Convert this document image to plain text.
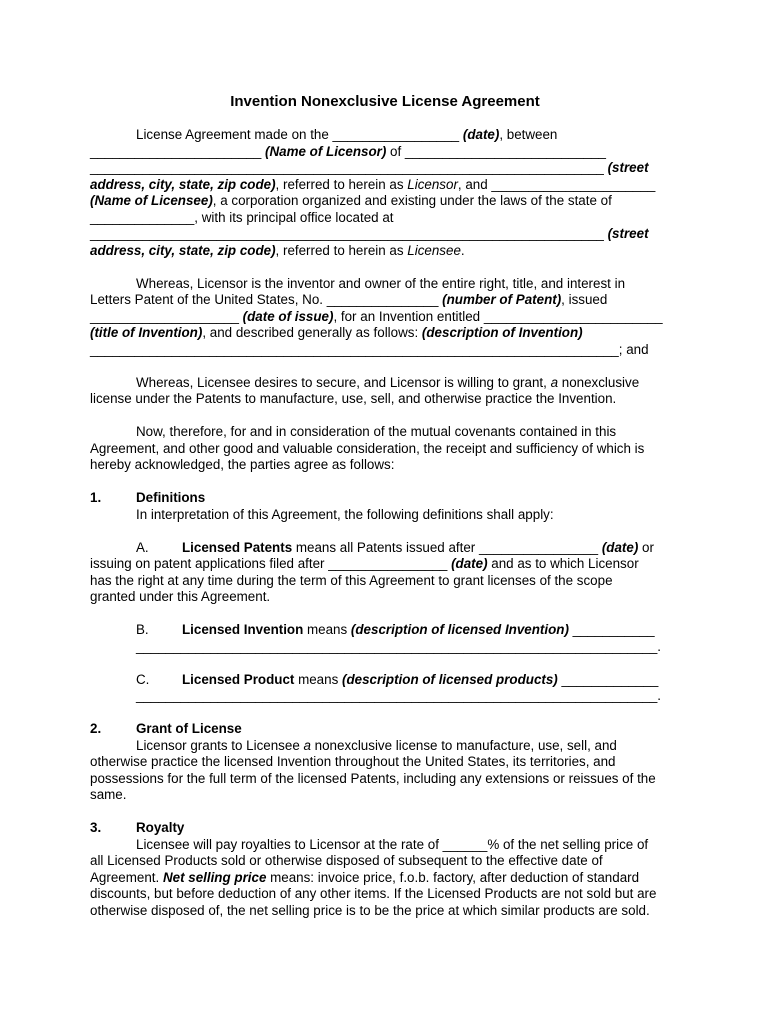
Invention Nonexclusive License Agreement
License Agreement made on the _________________ (date), between
_______________________ (Name of Licensor) of ___________________________
_____________________________________________________________________ (street
address, city, state, zip code), referred to herein as Licensor, and ______________________
(Name of Licensee), a corporation organized and existing under the laws of the state of
______________, with its principal office located at
_____________________________________________________________________ (street
address, city, state, zip code), referred to herein as Licensee.
Whereas, Licensor is the inventor and owner of the entire right, title, and interest in
Letters Patent of the United States, No. _______________ (number of Patent), issued
____________________ (date of issue), for an Invention entitled ________________________
(title of Invention), and described generally as follows: (description of Invention)
_______________________________________________________________________; and
Whereas, Licensee desires to secure, and Licensor is willing to grant, a nonexclusive
license under the Patents to manufacture, use, sell, and otherwise practice the Invention.
Now, therefore, for and in consideration of the mutual covenants contained in this
Agreement, and other good and valuable consideration, the receipt and sufficiency of which is
hereby acknowledged, the parties agree as follows:
1.	Definitions
In interpretation of this Agreement, the following definitions shall apply:
A. Licensed Patents means all Patents issued after ________________ (date) or
issuing on patent applications filed after ________________ (date) and as to which Licensor
has the right at any time during the term of this Agreement to grant licenses of the scope
granted under this Agreement.
B. Licensed Invention means (description of licensed Invention) ___________
______________________________________________________________________.
C. Licensed Product means (description of licensed products) _____________
______________________________________________________________________.
2.	Grant of License
Licensor grants to Licensee a nonexclusive license to manufacture, use, sell, and
otherwise practice the licensed Invention throughout the United States, its territories, and
possessions for the full term of the licensed Patents, including any extensions or reissues of the
same.
3.	Royalty
Licensee will pay royalties to Licensor at the rate of ______% of the net selling price of
all Licensed Products sold or otherwise disposed of subsequent to the effective date of
Agreement. Net selling price means: invoice price, f.o.b. factory, after deduction of standard
discounts, but before deduction of any other items. If the Licensed Products are not sold but are
otherwise disposed of, the net selling price is to be the price at which similar products are sold.
